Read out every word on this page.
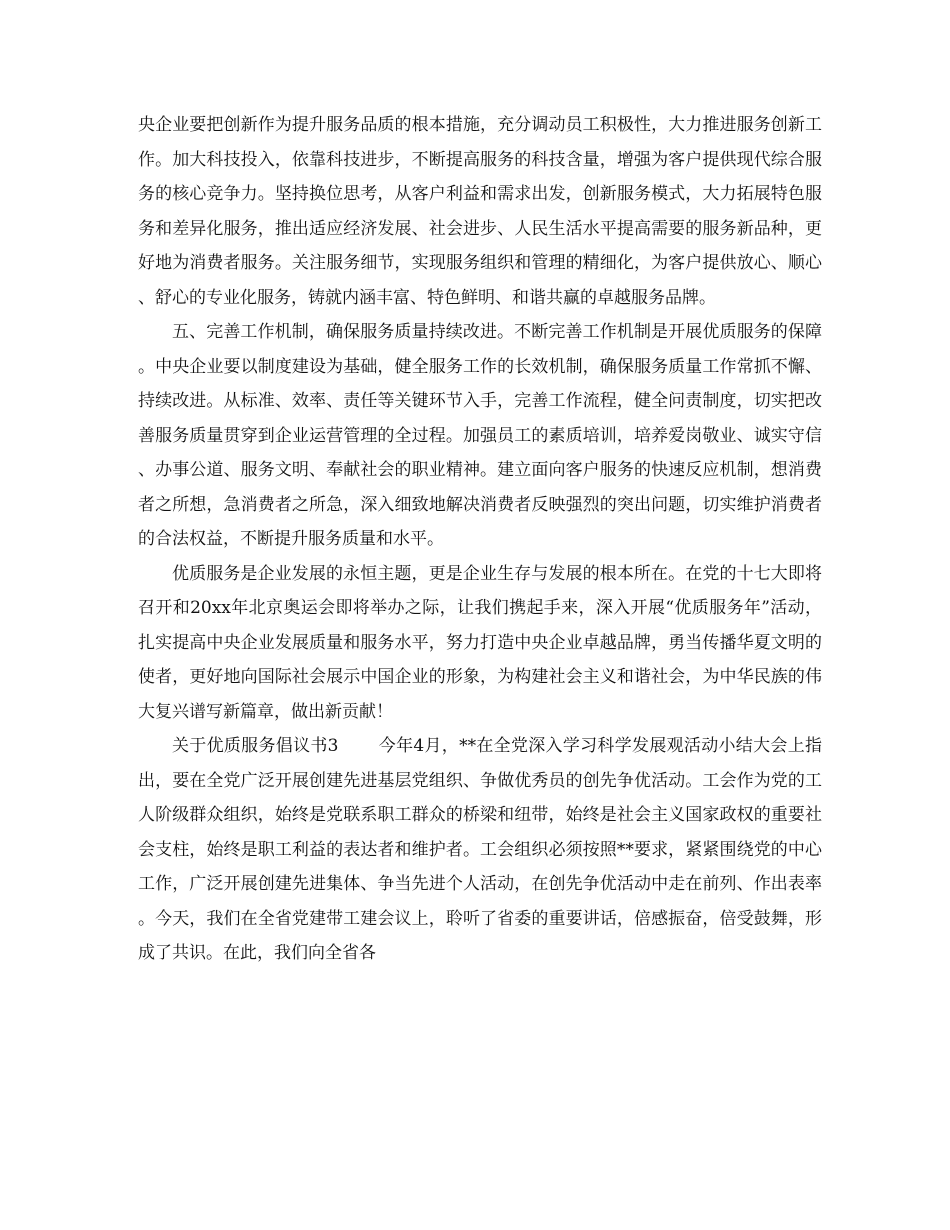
央企业要把创新作为提升服务品质的根本措施，充分调动员工积极性，大力推进服务创新工作。加大科技投入，依靠科技进步，不断提高服务的科技含量，增强为客户提供现代综合服务的核心竞争力。坚持换位思考，从客户利益和需求出发，创新服务模式，大力拓展特色服务和差异化服务，推出适应经济发展、社会进步、人民生活水平提高需要的服务新品种，更好地为消费者服务。关注服务细节，实现服务组织和管理的精细化，为客户提供放心、顺心、舒心的专业化服务，铸就内涵丰富、特色鲜明、和谐共赢的卓越服务品牌。

五、完善工作机制，确保服务质量持续改进。不断完善工作机制是开展优质服务的保障。中央企业要以制度建设为基础，健全服务工作的长效机制，确保服务质量工作常抓不懈、持续改进。从标准、效率、责任等关键环节入手，完善工作流程，健全问责制度，切实把改善服务质量贯穿到企业运营管理的全过程。加强员工的素质培训，培养爱岗敬业、诚实守信、办事公道、服务文明、奉献社会的职业精神。建立面向客户服务的快速反应机制，想消费者之所想，急消费者之所急，深入细致地解决消费者反映强烈的突出问题，切实维护消费者的合法权益，不断提升服务质量和水平。

优质服务是企业发展的永恒主题，更是企业生存与发展的根本所在。在党的十七大即将召开和20xx年北京奥运会即将举办之际，让我们携起手来，深入开展“优质服务年”活动，扎实提高中央企业发展质量和服务水平，努力打造中央企业卓越品牌，勇当传播华夏文明的使者，更好地向国际社会展示中国企业的形象，为构建社会主义和谐社会，为中华民族的伟大复兴谱写新篇章，做出新贡献！

关于优质服务倡议书3 今年4月，**在全党深入学习科学发展观活动小结大会上指出，要在全党广泛开展创建先进基层党组织、争做优秀员的创先争优活动。工会作为党的工人阶级群众组织，始终是党联系职工群众的桥梁和纽带，始终是社会主义国家政权的重要社会支柱，始终是职工利益的表达者和维护者。工会组织必须按照**要求，紧紧围绕党的中心工作，广泛开展创建先进集体、争当先进个人活动，在创先争优活动中走在前列、作出表率。今天，我们在全省党建带工建会议上，聆听了省委的重要讲话，倍感振奋，倍受鼓舞，形成了共识。在此，我们向全省各
